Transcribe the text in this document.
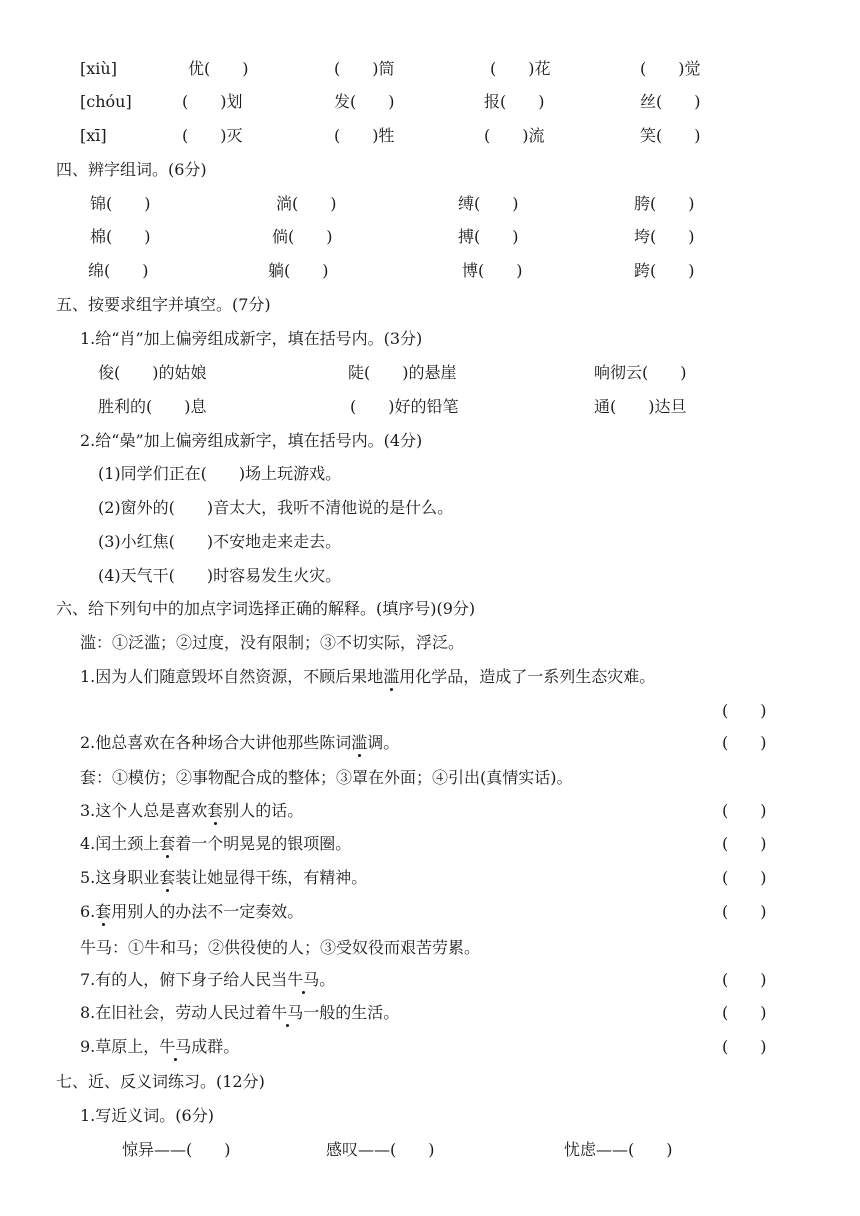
[xiù]	优(　　)	(　　)筒	(　　)花	(　　)觉
[chóu]	(　　)划	发(　　)	报(　　)	丝(　　)
[xī]	(　　)灭	(　　)牲	(　　)流	笑(　　)
四、辨字组词。(6分)
锦(　　)	淌(　　)	缚(　　)	胯(　　)
棉(　　)	倘(　　)	搏(　　)	垮(　　)
绵(　　)	躺(　　)	博(　　)	跨(　　)
五、按要求组字并填空。(7分)
1.给“肖”加上偏旁组成新字，填在括号内。(3分)
俊(　　)的姑娘	陡(　　)的悬崖	响彻云(　　)
胜利的(　　)息	(　　)好的铅笔	通(　　)达旦
2.给“喿”加上偏旁组成新字，填在括号内。(4分)
(1)同学们正在(　　)场上玩游戏。
(2)窗外的(　　)音太大，我听不清他说的是什么。
(3)小红焦(　　)不安地走来走去。
(4)天气干(　　)时容易发生火灾。
六、给下列句中的加点字词选择正确的解释。(填序号)(9分)
滥：①泛滥；②过度，没有限制；③不切实际，浮泛。
1.因为人们随意毁坏自然资源，不顾后果地滥用化学品，造成了一系列生态灾难。
(　　)
2.他总喜欢在各种场合大讲他那些陈词滥调。	(　　)
套：①模仿；②事物配合成的整体；③罩在外面；④引出(真情实话)。
3.这个人总是喜欢套别人的话。	(　　)
4.闰土颈上套着一个明晃晃的银项圈。	(　　)
5.这身职业套装让她显得干练，有精神。	(　　)
6.套用别人的办法不一定奏效。	(　　)
牛马：①牛和马；②供役使的人；③受奴役而艰苦劳累。
7.有的人，俯下身子给人民当牛马。	(　　)
8.在旧社会，劳动人民过着牛马一般的生活。	(　　)
9.草原上，牛马成群。	(　　)
七、近、反义词练习。(12分)
1.写近义词。(6分)
惊异——(　　)	感叹——(　　)	忧虑——(　　)
